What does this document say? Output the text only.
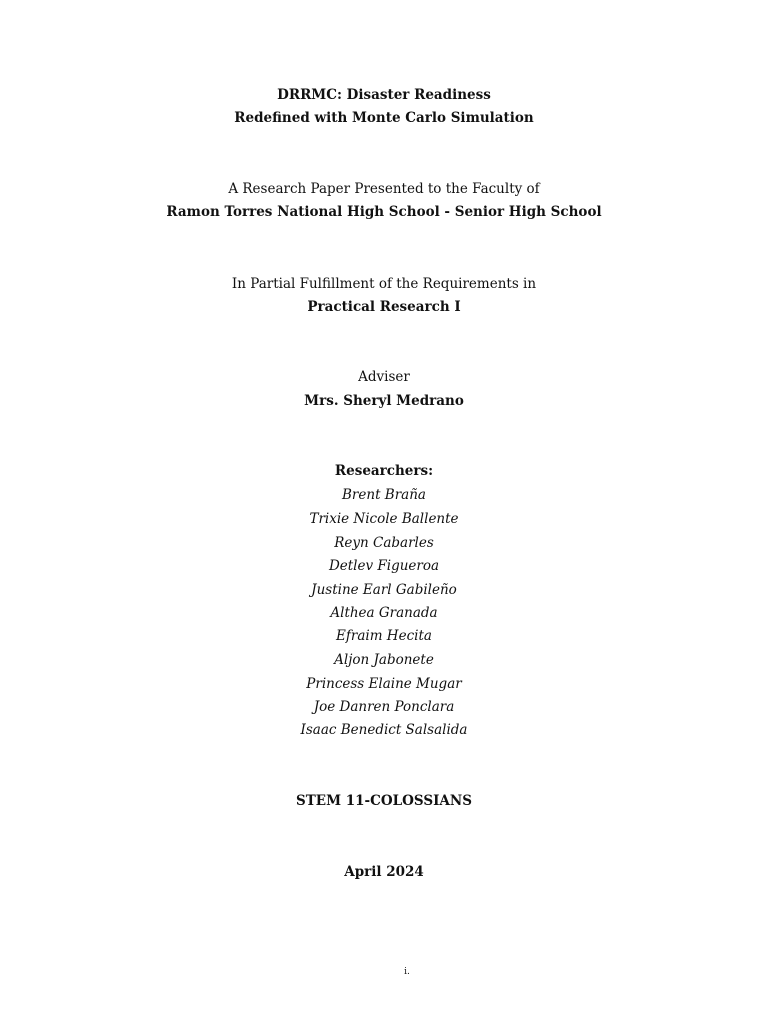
DRRMC: Disaster Readiness
Redefined with Monte Carlo Simulation
A Research Paper Presented to the Faculty of
Ramon Torres National High School - Senior High School
In Partial Fulfillment of the Requirements in
Practical Research I
Adviser
Mrs. Sheryl Medrano
Researchers:
Brent Braña
Trixie Nicole Ballente
Reyn Cabarles
Detlev Figueroa
Justine Earl Gabileño
Althea Granada
Efraim Hecita
Aljon Jabonete
Princess Elaine Mugar
Joe Danren Ponclara
Isaac Benedict Salsalida
STEM 11-COLOSSIANS
April 2024
i.
